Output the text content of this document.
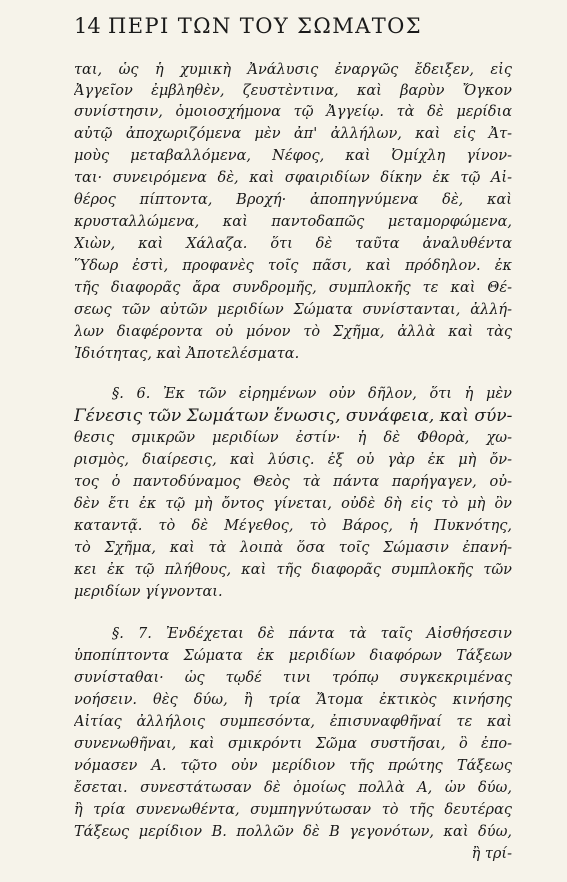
14 ΠΕΡΙ ΤΩΝ ΤΟΥ ΣΩΜΑΤΟΣ
ται, ὡς ἡ χυμικὴ Ἀνάλυσις ἐναργῶς ἔδειξεν, εἰς
Ἀγγεῖον ἐμβληθὲν, ζευστὲντινα, καὶ βαρὺν Ὄγκον
συνίστησιν, ὁμοιοσχήμονα τῷ Ἀγγείῳ. τὰ δὲ μερίδια
αὐτῷ ἀποχωριζόμενα μὲν ἀπ' ἀλλήλων, καὶ εἰς Ἀτ-
μοὺς μεταβαλλόμενα, Νέφος, καὶ Ὀμίχλη γίνον-
ται· συνειρόμενα δὲ, καὶ σφαιριδίων δίκην ἐκ τῷ Αἰ-
θέρος πίπτοντα, Βροχή· ἀποπηγνύμενα δὲ, καὶ
κρυσταλλώμενα, καὶ παντοδαπῶς μεταμορφώμενα,
Χιὼν, καὶ Χάλαζα. ὅτι δὲ ταῦτα ἀναλυθέντα
Ὕδωρ ἐστὶ, προφανὲς τοῖς πᾶσι, καὶ πρόδηλον. ἐκ
τῆς διαφορᾶς ἄρα συνδρομῆς, συμπλοκῆς τε καὶ Θέ-
σεως τῶν αὐτῶν μεριδίων Σώματα συνίστανται, ἀλλή-
λων διαφέροντα οὐ μόνον τὸ Σχῆμα, ἀλλὰ καὶ τὰς
Ἰδιότητας, καὶ Ἀποτελέσματα.
§. 6. Ἐκ τῶν εἰρημένων οὖν δῆλον, ὅτι ἡ μὲν
Γένεσις τῶν Σωμάτων ἕνωσις, συνάφεια, καὶ σύν-
θεσις σμικρῶν μεριδίων ἐστίν· ἡ δὲ Φθορὰ, χω-
ρισμὸς, διαίρεσις, καὶ λύσις. ἐξ οὗ γὰρ ἐκ μὴ ὄν-
τος ὁ παντοδύναμος Θεὸς τὰ πάντα παρήγαγεν, οὐ-
δὲν ἔτι ἐκ τῷ μὴ ὄντος γίνεται, οὐδὲ δὴ εἰς τὸ μὴ ὂν
καταντᾷ. τὸ δὲ Μέγεθος, τὸ Βάρος, ἡ Πυκνότης,
τὸ Σχῆμα, καὶ τὰ λοιπὰ ὅσα τοῖς Σώμασιν ἐπανή-
κει ἐκ τῷ πλήθους, καὶ τῆς διαφορᾶς συμπλοκῆς τῶν
μεριδίων γίγνονται.
§. 7. Ἐνδέχεται δὲ πάντα τὰ ταῖς Αἰσθήσεσιν
ὑποπίπτοντα Σώματα ἐκ μεριδίων διαφόρων Τάξεων
συνίσταθαι· ὡς τῳδέ τινι τρόπῳ συγκεκριμένας
νοήσειν. θὲς δύω, ἢ τρία Ἄτομα ἐκτικὸς κινήσης
Αἰτίας ἀλλήλοις συμπεσόντα, ἐπισυναφθῆναί τε καὶ
συνενωθῆναι, καὶ σμικρόντι Σῶμα συστῆσαι, ὃ ἐπο-
νόμασεν Α. τῷτο οὖν μερίδιον τῆς πρώτης Τάξεως
ἔσεται. συνεστάτωσαν δὲ ὁμοίως πολλὰ Α, ὧν δύω,
ἢ τρία συνενωθέντα, συμπηγνύτωσαν τὸ τῆς δευτέρας
Τάξεως μερίδιον Β. πολλῶν δὲ Β γεγονότων, καὶ δύω,
ἢ τρί-
